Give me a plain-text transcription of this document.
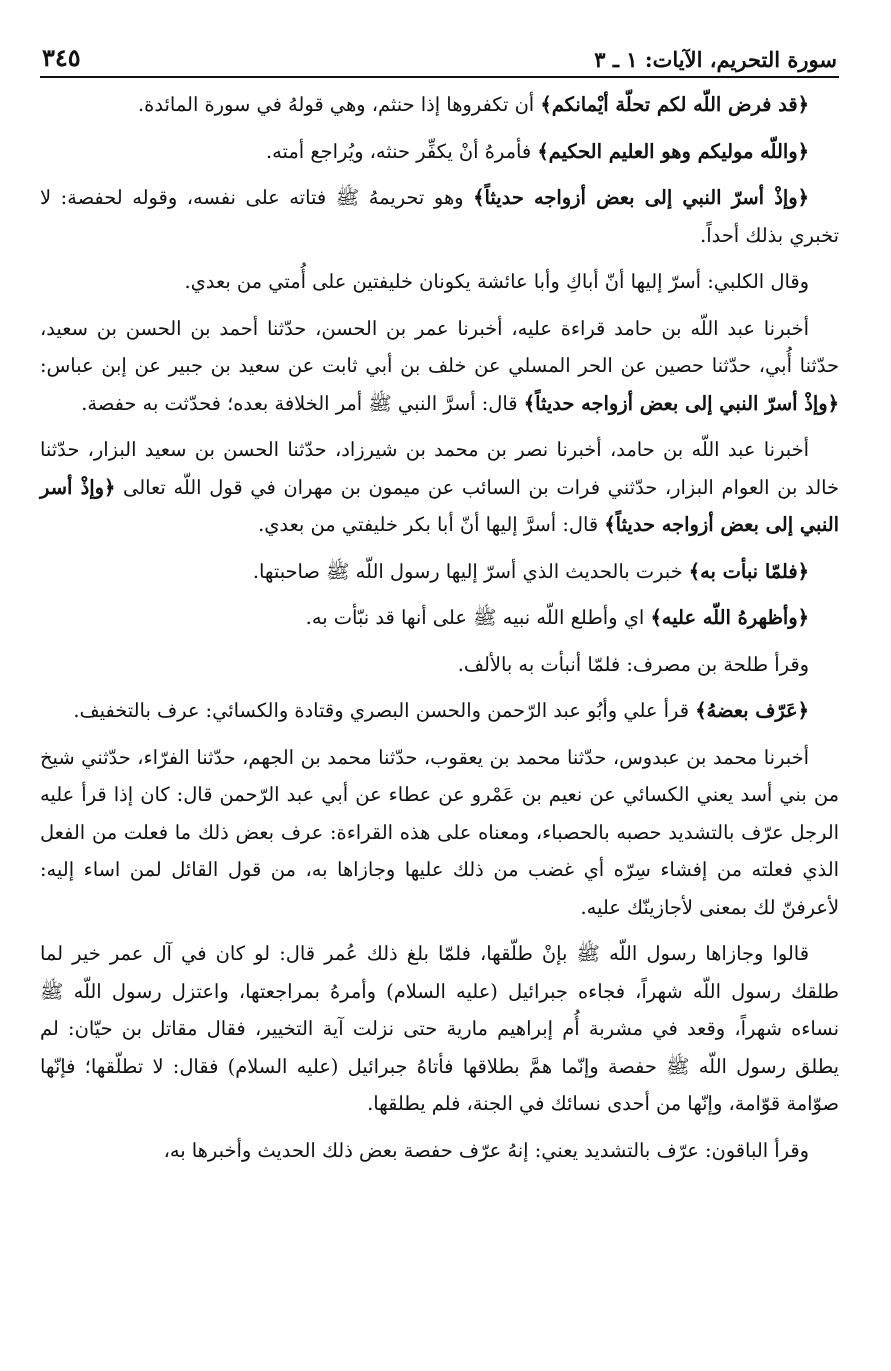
سورة التحريم، الآيات: ١ ـ ٣
٣٤٥

﴿قد فرض اللّه لكم تحلّة أيْمانكم﴾ أن تكفروها إذا حنثم، وهي قولهُ في سورة المائدة.

﴿واللّه موليكم وهو العليم الحكيم﴾ فأمرهُ أنْ يكفِّر حنثه، ويُراجع أمته.

﴿وإذْ أسرّ النبي إلى بعض أزواجه حديثاً﴾ وهو تحريمهُ ﷺ فتاته على نفسه، وقوله لحفصة: لا تخبري بذلك أحداً.

وقال الكلبي: أسرّ إليها أنّ أباكِ وأبا عائشة يكونان خليفتين على أُمتي من بعدي.

أخبرنا عبد اللّه بن حامد قراءة عليه، أخبرنا عمر بن الحسن، حدّثنا أحمد بن الحسن بن سعيد، حدّثنا أُبي، حدّثنا حصين عن الحر المسلي عن خلف بن أبي ثابت عن سعيد بن جبير عن إبن عباس: ﴿وإذْ أسرّ النبي إلى بعض أزواجه حديثاً﴾ قال: أسرَّ النبي ﷺ أمر الخلافة بعده؛ فحدّثت به حفصة.

أخبرنا عبد اللّه بن حامد، أخبرنا نصر بن محمد بن شيرزاد، حدّثنا الحسن بن سعيد البزار، حدّثنا خالد بن العوام البزار، حدّثني فرات بن السائب عن ميمون بن مهران في قول اللّه تعالى ﴿وإذْ أسر النبي إلى بعض أزواجه حديثاً﴾ قال: أسرَّ إليها أنّ أبا بكر خليفتي من بعدي.

﴿فلمّا نبأت به﴾ خبرت بالحديث الذي أسرّ إليها رسول اللّه ﷺ صاحبتها.

﴿وأظهرهُ اللّه عليه﴾ اي وأطلع اللّه نبيه ﷺ على أنها قد نبّأت به.

وقرأ طلحة بن مصرف: فلمّا أنبأت به بالألف.

﴿عَرّف بعضهُ﴾ قرأ علي وأبُو عبد الرّحمن والحسن البصري وقتادة والكسائي: عرف بالتخفيف.

أخبرنا محمد بن عبدوس، حدّثنا محمد بن يعقوب، حدّثنا محمد بن الجهم، حدّثنا الفرّاء، حدّثني شيخ من بني أسد يعني الكسائي عن نعيم بن عَمْرو عن عطاء عن أبي عبد الرّحمن قال: كان إذا قرأ عليه الرجل عرّف بالتشديد حصبه بالحصباء، ومعناه على هذه القراءة: عرف بعض ذلك ما فعلت من الفعل الذي فعلته من إفشاء سِرّه أي غضب من ذلك عليها وجازاها به، من قول القائل لمن اساء إليه: لأعرفنّ لك بمعنى لأجازينّك عليه.

قالوا وجازاها رسول اللّه ﷺ بإنْ طلّقها، فلمّا بلغ ذلك عُمر قال: لو كان في آل عمر خير لما طلقك رسول اللّه شهراً، فجاءه جبرائيل (عليه السلام) وأمرهُ بمراجعتها، واعتزل رسول اللّه ﷺ نساءه شهراً، وقعد في مشربة أُم إبراهيم مارية حتى نزلت آية التخيير، فقال مقاتل بن حيّان: لم يطلق رسول اللّه ﷺ حفصة وإنّما همَّ بطلاقها فأتاهُ جبرائيل (عليه السلام) فقال: لا تطلّقها؛ فإنّها صوّامة قوّامة، وإنّها من أحدى نسائك في الجنة، فلم يطلقها.

وقرأ الباقون: عرّف بالتشديد يعني: إنهُ عرّف حفصة بعض ذلك الحديث وأخبرها به،
